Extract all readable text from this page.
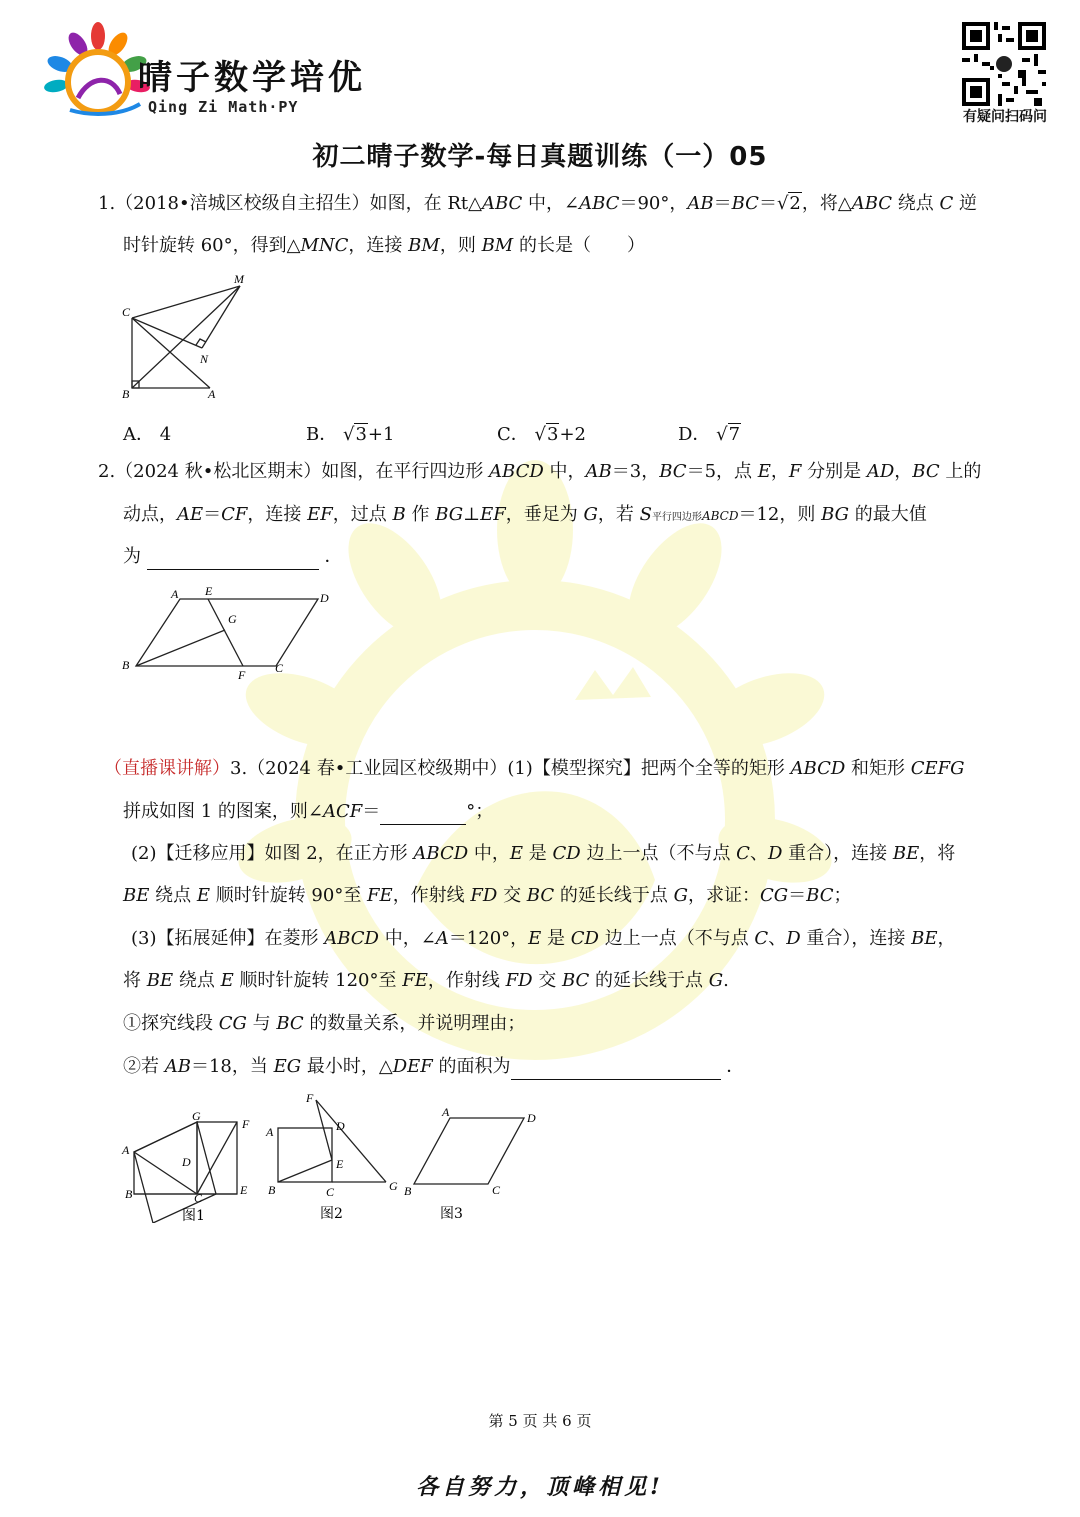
晴子数学培优
Qing Zi Math·PY
有疑问扫码问
初二晴子数学-每日真题训练（一）05
1.（2018•涪城区校级自主招生）如图，在 Rt△ABC 中，∠ABC＝90°，AB＝BC＝√2，将△ABC 绕点 C 逆
时针旋转 60°，得到△MNC，连接 BM，则 BM 的长是（　　）
C
M
N
B	A
A． 4	B． √3+1	C． √3+2	D． √7
2.（2024 秋•松北区期末）如图，在平行四边形 ABCD 中，AB＝3，BC＝5，点 E，F 分别是 AD，BC 上的
动点，AE＝CF，连接 EF，过点 B 作 BG⊥EF，垂足为 G，若 S平行四边形ABCD＝12，则 BG 的最大值
为	．
A E	D
G
B
F C
（直播课讲解）3.（2024 春•工业园区校级期中）(1)【模型探究】把两个全等的矩形 ABCD 和矩形 CEFG
拼成如图 1 的图案，则∠ACF＝	°；
(2)【迁移应用】如图 2，在正方形 ABCD 中，E 是 CD 边上一点（不与点 C、D 重合），连接 BE，将
BE 绕点 E 顺时针旋转 90°至 FE，作射线 FD 交 BC 的延长线于点 G，求证：CG＝BC；
(3)【拓展延伸】在菱形 ABCD 中，∠A＝120°，E 是 CD 边上一点（不与点 C、D 重合），连接 BE，
将 BE 绕点 E 顺时针旋转 120°至 FE，作射线 FD 交 BC 的延长线于点 G.
①探究线段 CG 与 BC 的数量关系，并说明理由；
②若 AB＝18，当 EG 最小时，△DEF 的面积为	．
G
F
A
D
B	C
E
图1
F
A	D
E
B	C	G
图2
A	D
B	C
图3
第 5 页 共 6 页
各自努力，顶峰相见!
